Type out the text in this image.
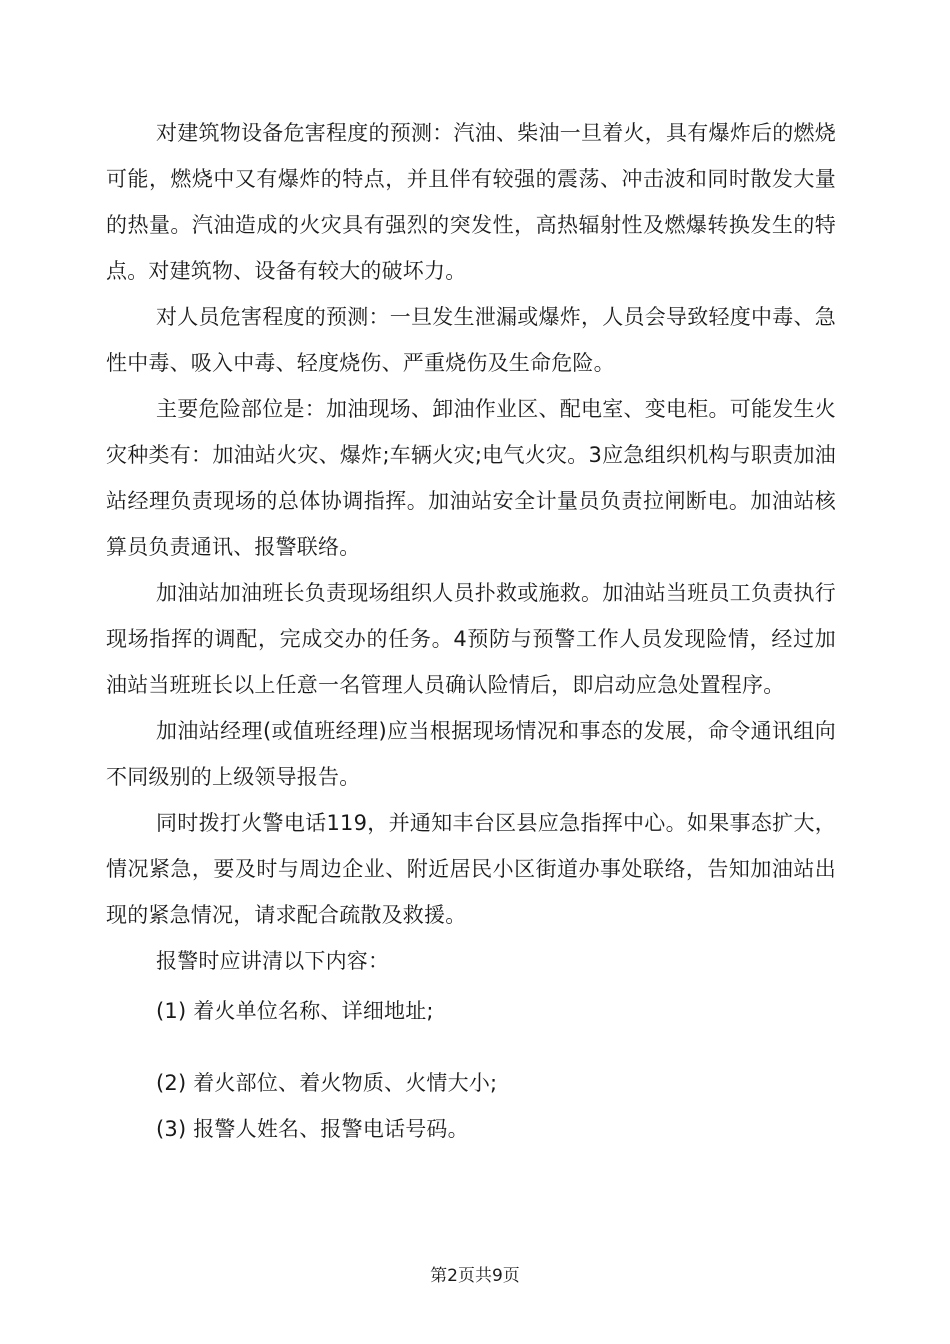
对建筑物设备危害程度的预测：汽油、柴油一旦着火，具有爆炸后的燃烧可能，燃烧中又有爆炸的特点，并且伴有较强的震荡、冲击波和同时散发大量的热量。汽油造成的火灾具有强烈的突发性，高热辐射性及燃爆转换发生的特点。对建筑物、设备有较大的破坏力。

对人员危害程度的预测：一旦发生泄漏或爆炸，人员会导致轻度中毒、急性中毒、吸入中毒、轻度烧伤、严重烧伤及生命危险。

主要危险部位是：加油现场、卸油作业区、配电室、变电柜。可能发生火灾种类有：加油站火灾、爆炸;车辆火灾;电气火灾。3应急组织机构与职责加油站经理负责现场的总体协调指挥。加油站安全计量员负责拉闸断电。加油站核算员负责通讯、报警联络。

加油站加油班长负责现场组织人员扑救或施救。加油站当班员工负责执行现场指挥的调配，完成交办的任务。4预防与预警工作人员发现险情，经过加油站当班班长以上任意一名管理人员确认险情后，即启动应急处置程序。

加油站经理(或值班经理)应当根据现场情况和事态的发展，命令通讯组向不同级别的上级领导报告。

同时拨打火警电话119，并通知丰台区县应急指挥中心。如果事态扩大，情况紧急，要及时与周边企业、附近居民小区街道办事处联络，告知加油站出现的紧急情况，请求配合疏散及救援。

报警时应讲清以下内容：

(1) 着火单位名称、详细地址;

(2) 着火部位、着火物质、火情大小;

(3) 报警人姓名、报警电话号码。

第2页共9页
